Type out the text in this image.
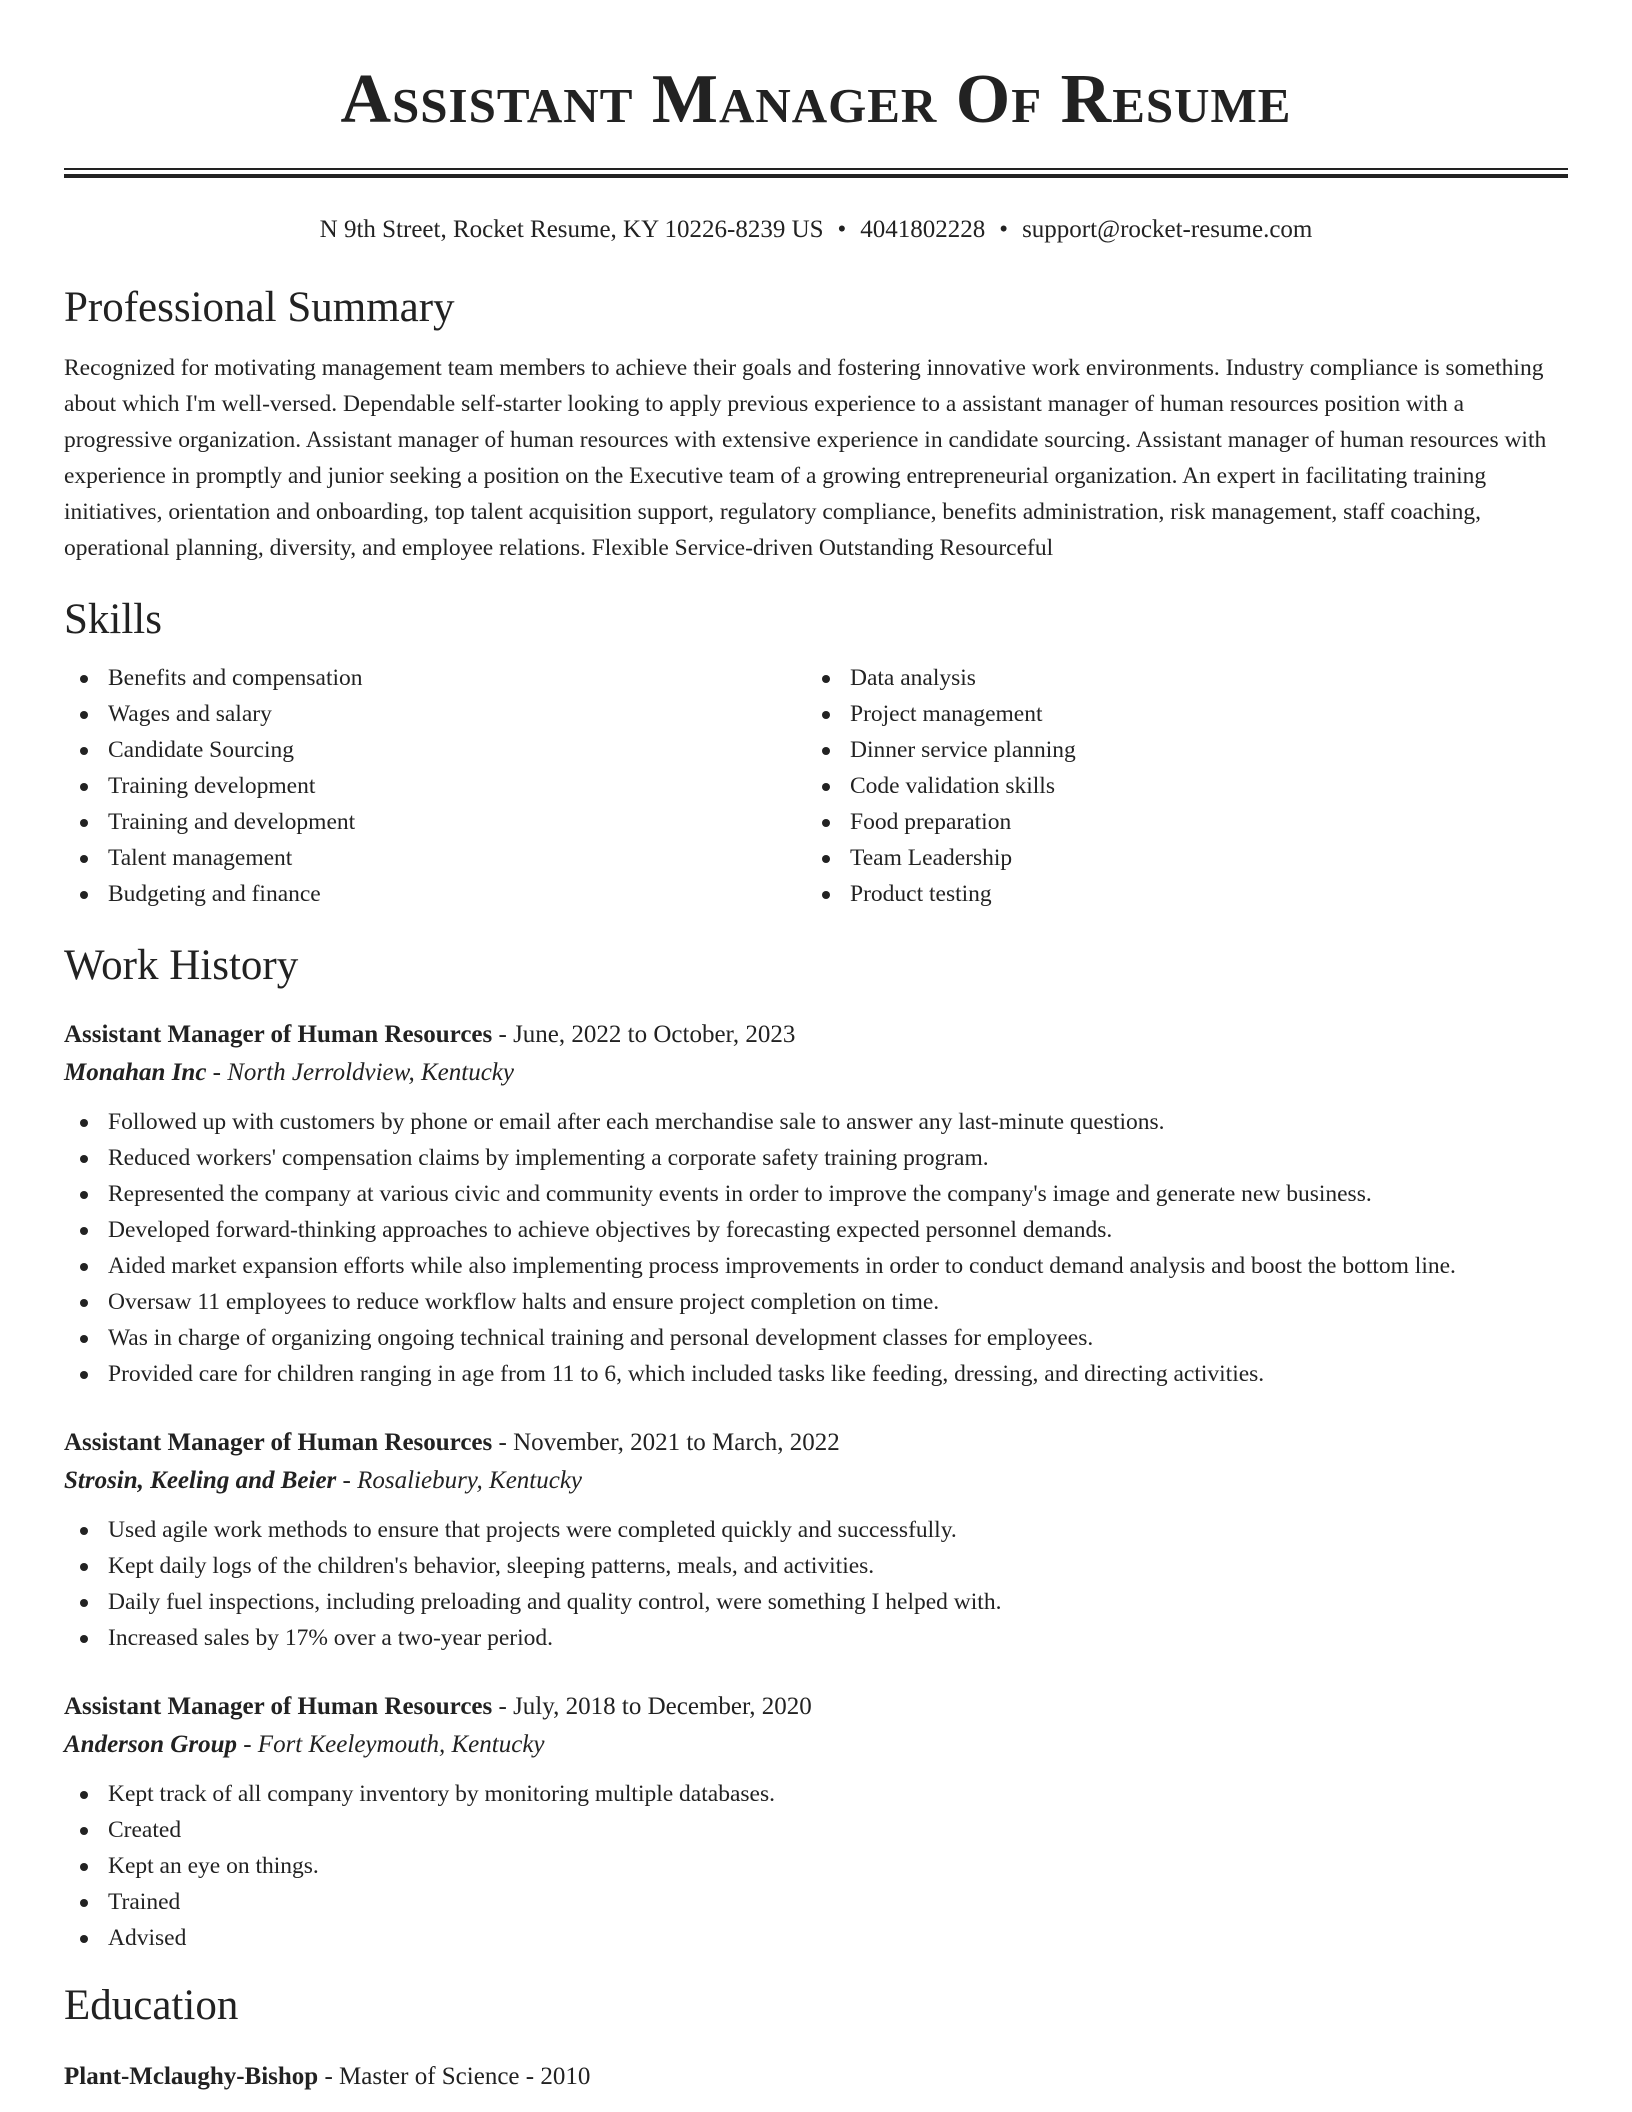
Assistant Manager Of Resume
N 9th Street, Rocket Resume, KY 10226-8239 US • 4041802228 • support@rocket-resume.com
Professional Summary

Recognized for motivating management team members to achieve their goals and fostering innovative work environments. Industry compliance is something about which I'm well-versed. Dependable self-starter looking to apply previous experience to a assistant manager of human resources position with a progressive organization. Assistant manager of human resources with extensive experience in candidate sourcing. Assistant manager of human resources with experience in promptly and junior seeking a position on the Executive team of a growing entrepreneurial organization. An expert in facilitating training initiatives, orientation and onboarding, top talent acquisition support, regulatory compliance, benefits administration, risk management, staff coaching, operational planning, diversity, and employee relations. Flexible Service-driven Outstanding Resourceful

Skills
Benefits and compensation
Wages and salary
Candidate Sourcing
Training development
Training and development
Talent management
Budgeting and finance
Data analysis
Project management
Dinner service planning
Code validation skills
Food preparation
Team Leadership
Product testing
Work History
Assistant Manager of Human Resources - June, 2022 to October, 2023
Monahan Inc - North Jerroldview, Kentucky
Followed up with customers by phone or email after each merchandise sale to answer any last-minute questions.
Reduced workers' compensation claims by implementing a corporate safety training program.
Represented the company at various civic and community events in order to improve the company's image and generate new business.
Developed forward-thinking approaches to achieve objectives by forecasting expected personnel demands.
Aided market expansion efforts while also implementing process improvements in order to conduct demand analysis and boost the bottom line.
Oversaw 11 employees to reduce workflow halts and ensure project completion on time.
Was in charge of organizing ongoing technical training and personal development classes for employees.
Provided care for children ranging in age from 11 to 6, which included tasks like feeding, dressing, and directing activities.
Assistant Manager of Human Resources - November, 2021 to March, 2022
Strosin, Keeling and Beier - Rosaliebury, Kentucky
Used agile work methods to ensure that projects were completed quickly and successfully.
Kept daily logs of the children's behavior, sleeping patterns, meals, and activities.
Daily fuel inspections, including preloading and quality control, were something I helped with.
Increased sales by 17% over a two-year period.
Assistant Manager of Human Resources - July, 2018 to December, 2020
Anderson Group - Fort Keeleymouth, Kentucky
Kept track of all company inventory by monitoring multiple databases.
Created
Kept an eye on things.
Trained
Advised
Education
Plant-Mclaughy-Bishop - Master of Science - 2010
